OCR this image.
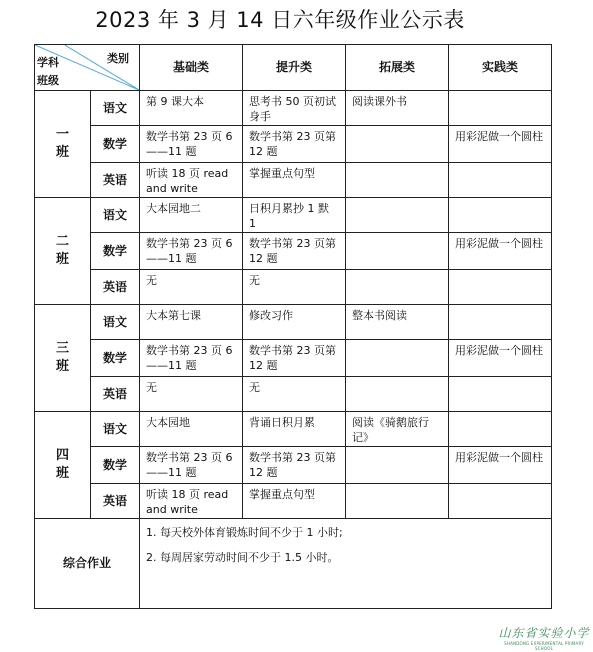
2023 年 3 月 14 日六年级作业公示表
学科 类别
班级		基础类	提升类	拓展类	实践类
一
班	语文	第 9 课大本	思考书 50 页初试身手	阅读课外书	
	数学	数学书第 23 页 6——11 题	数学书第 23 页第 12 题		用彩泥做一个圆柱
	英语	听读 18 页 read and write	掌握重点句型		
二
班	语文	大本园地二	日积月累抄 1 默 1		
	数学	数学书第 23 页 6——11 题	数学书第 23 页第 12 题		用彩泥做一个圆柱
	英语	无	无		
三
班	语文	大本第七课	修改习作	整本书阅读	
	数学	数学书第 23 页 6——11 题	数学书第 23 页第 12 题		用彩泥做一个圆柱
	英语	无	无		
四
班	语文	大本园地	背诵日积月累	阅读《骑鹅旅行记》	
	数学	数学书第 23 页 6——11 题	数学书第 23 页第 12 题		用彩泥做一个圆柱
	英语	听读 18 页 read and write	掌握重点句型		
综合作业		1. 每天校外体育锻炼时间不少于 1 小时;
2. 每周居家劳动时间不少于 1.5 小时。			
山东省实验小学
SHANDONG EXPERIMENTAL PRIMARY SCHOOL
